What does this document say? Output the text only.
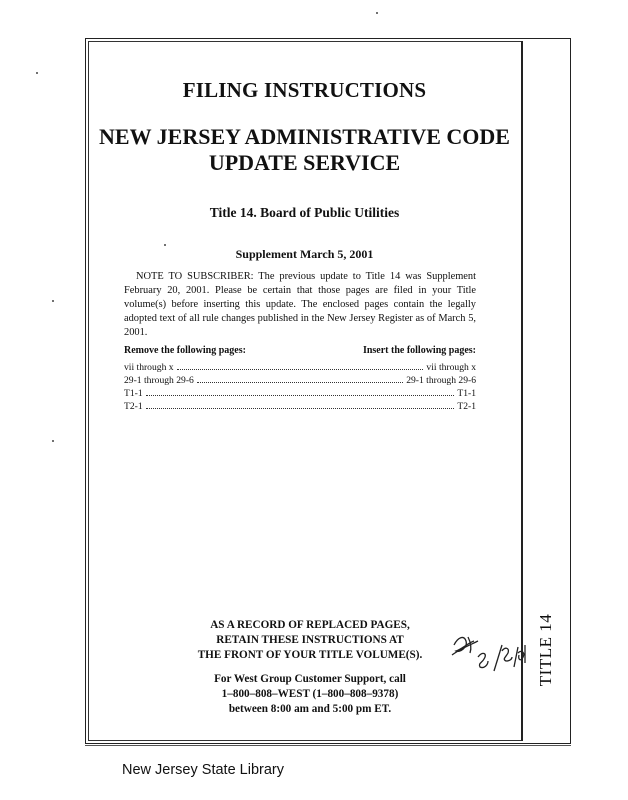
FILING INSTRUCTIONS
NEW JERSEY ADMINISTRATIVE CODE
UPDATE SERVICE
Title 14. Board of Public Utilities
Supplement March 5, 2001
NOTE TO SUBSCRIBER: The previous update to Title 14 was Supplement February 20, 2001. Please be certain that those pages are filed in your Title volume(s) before inserting this update. The enclosed pages contain the legally adopted text of all rule changes published in the New Jersey Register as of March 5, 2001.
Remove the following pages:	Insert the following pages:
vii through x	vii through x
29-1 through 29-6	29-1 through 29-6
T1-1	T1-1
T2-1	T2-1
AS A RECORD OF REPLACED PAGES,
RETAIN THESE INSTRUCTIONS AT
THE FRONT OF YOUR TITLE VOLUME(S).
For West Group Customer Support, call
1–800–808–WEST (1–800–808–9378)
between 8:00 am and 5:00 pm ET.
TITLE 14
New Jersey State Library
